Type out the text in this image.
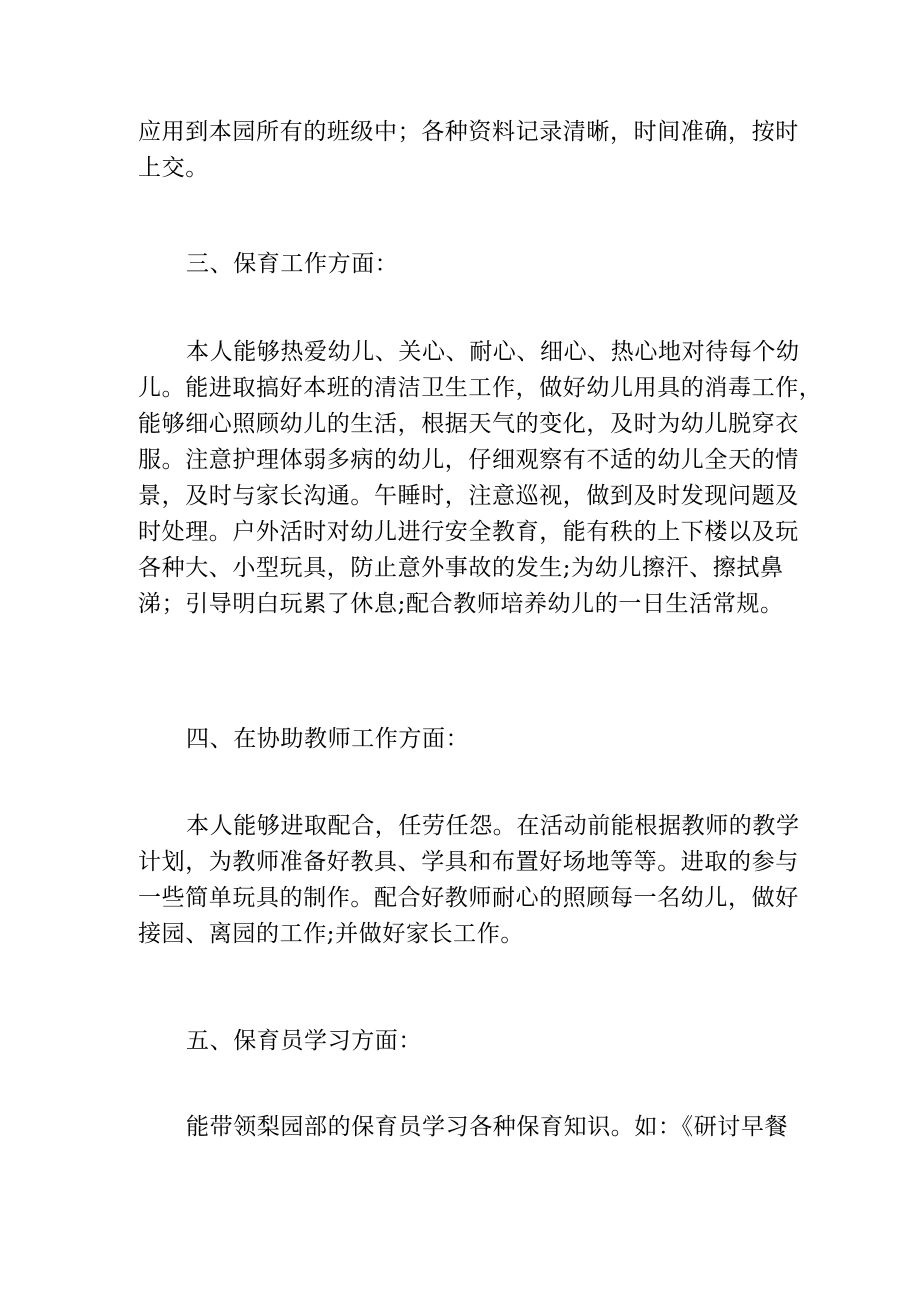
应用到本园所有的班级中；各种资料记录清晰，时间准确，按时
上交。
三、保育工作方面：
本人能够热爱幼儿、关心、耐心、细心、热心地对待每个幼
儿。能进取搞好本班的清洁卫生工作，做好幼儿用具的消毒工作，
能够细心照顾幼儿的生活，根据天气的变化，及时为幼儿脱穿衣
服。注意护理体弱多病的幼儿，仔细观察有不适的幼儿全天的情
景，及时与家长沟通。午睡时，注意巡视，做到及时发现问题及
时处理。户外活时对幼儿进行安全教育，能有秩的上下楼以及玩
各种大、小型玩具，防止意外事故的发生;为幼儿擦汗、擦拭鼻
涕；引导明白玩累了休息;配合教师培养幼儿的一日生活常规。
四、在协助教师工作方面：
本人能够进取配合，任劳任怨。在活动前能根据教师的教学
计划，为教师准备好教具、学具和布置好场地等等。进取的参与
一些简单玩具的制作。配合好教师耐心的照顾每一名幼儿，做好
接园、离园的工作;并做好家长工作。
五、保育员学习方面：
能带领梨园部的保育员学习各种保育知识。如：《研讨早餐
